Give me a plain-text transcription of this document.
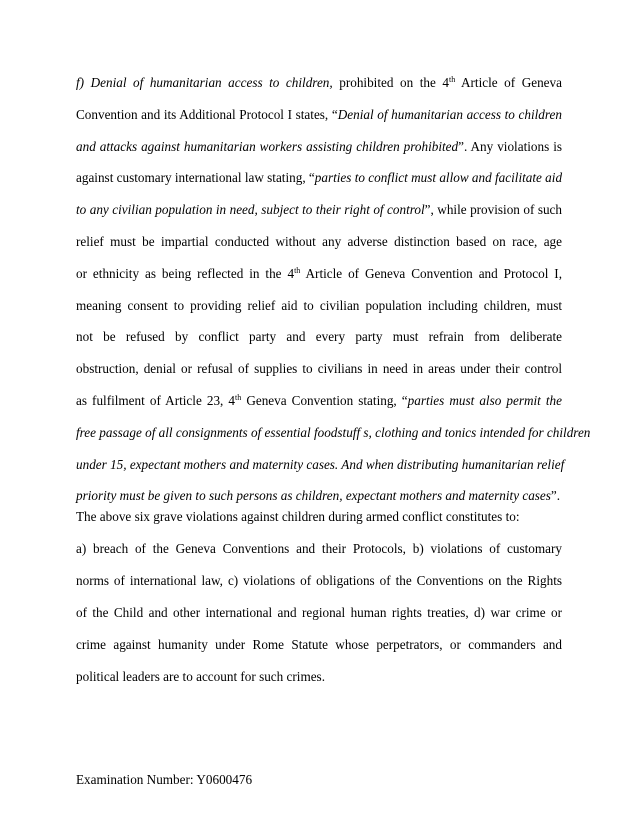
f) Denial of humanitarian access to children, prohibited on the 4th Article of Geneva
Convention and its Additional Protocol I states, “Denial of humanitarian access to children
and attacks against humanitarian workers assisting children prohibited”. Any violations is
against customary international law stating, “parties to conflict must allow and facilitate aid
to any civilian population in need, subject to their right of control”, while provision of such
relief must be impartial conducted without any adverse distinction based on race, age
or ethnicity as being reflected in the 4th Article of Geneva Convention and Protocol I,
meaning consent to providing relief aid to civilian population including children, must
not be refused by conflict party and every party must refrain from deliberate
obstruction, denial or refusal of supplies to civilians in need in areas under their control
as fulfilment of Article 23, 4th Geneva Convention stating, “parties must also permit the
free passage of all consignments of essential foodstuff s, clothing and tonics intended for children
under 15, expectant mothers and maternity cases. And when distributing humanitarian relief
priority must be given to such persons as children, expectant mothers and maternity cases”.
The above six grave violations against children during armed conflict constitutes to:
a) breach of the Geneva Conventions and their Protocols, b) violations of customary
norms of international law, c) violations of obligations of the Conventions on the Rights
of the Child and other international and regional human rights treaties, d) war crime or
crime against humanity under Rome Statute whose perpetrators, or commanders and
political leaders are to account for such crimes.
Examination Number: Y0600476
